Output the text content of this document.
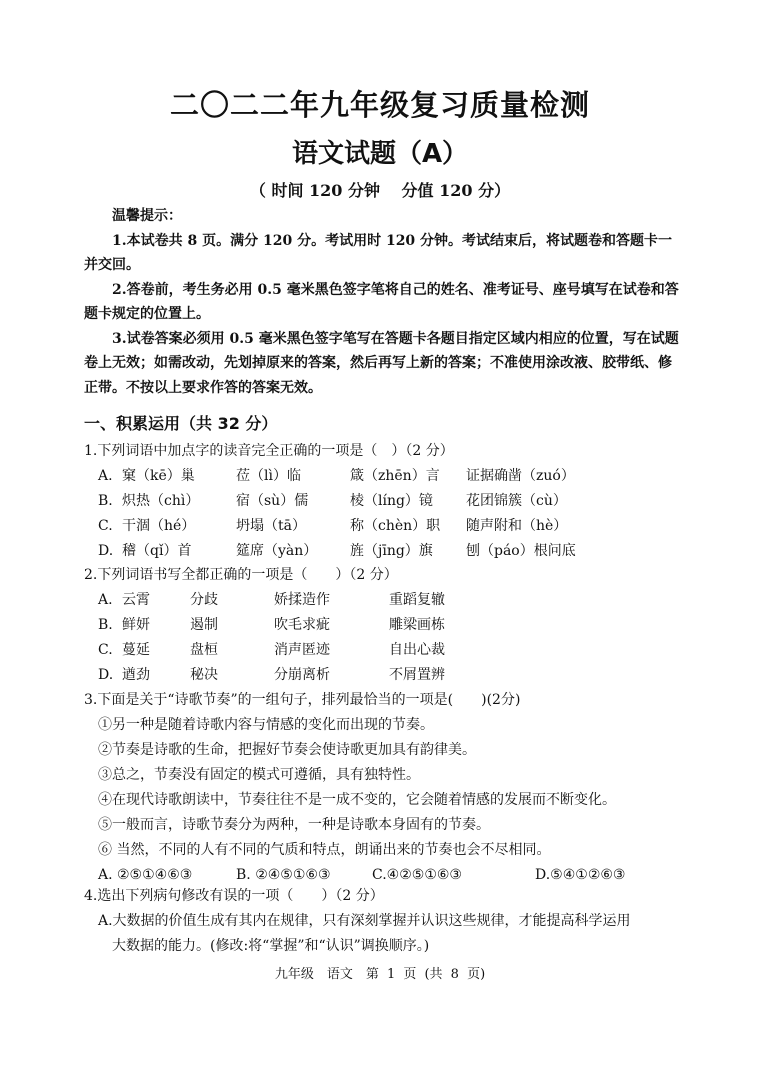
二〇二二年九年级复习质量检测
语文试题（A）
（ 时间 120 分钟　 分值 120 分）
温馨提示：
1.本试卷共 8 页。满分 120 分。考试用时 120 分钟。考试结束后，将试题卷和答题卡一并交回。
2.答卷前，考生务必用 0.5 毫米黑色签字笔将自己的姓名、准考证号、座号填写在试卷和答题卡规定的位置上。
3.试卷答案必须用 0.5 毫米黑色签字笔写在答题卡各题目指定区域内相应的位置，写在试题卷上无效；如需改动，先划掉原来的答案，然后再写上新的答案；不准使用涂改液、胶带纸、修正带。不按以上要求作答的答案无效。
一、积累运用（共 32 分）
1.下列词语中加点字的读音完全正确的一项是（　）（2 分）
A. 窠（kē）巢	莅（lì）临	箴（zhēn）言 证据确凿（zuó）
B. 炽热（chì）	宿（sù）儒	棱（líng）镜 花团锦簇（cù）
C. 干涸（hé）	坍塌（tā）	称（chèn）职 随声附和（hè）
D. 稽（qǐ）首	筵席（yàn） 旌（jīng）旗 刨（páo）根问底
2.下列词语书写全都正确的一项是（　　）（2 分）
A. 云霄	分歧	娇揉造作	重蹈复辙
B. 鲜妍	遏制	吹毛求疵	雕梁画栋
C. 蔓延	盘桓	消声匿迹	自出心裁
D. 遒劲	秘决	分崩离析	不屑置辨
3.下面是关于“诗歌节奏”的一组句子，排列最恰当的一项是(　　)(2分)
①另一种是随着诗歌内容与情感的变化而出现的节奏。
②节奏是诗歌的生命，把握好节奏会使诗歌更加具有韵律美。
③总之，节奏没有固定的模式可遵循，具有独特性。
④在现代诗歌朗读中，节奏往往不是一成不变的，它会随着情感的发展而不断变化。
⑤一般而言，诗歌节奏分为两种，一种是诗歌本身固有的节奏。
⑥ 当然，不同的人有不同的气质和特点，朗诵出来的节奏也会不尽相同。
A. ②⑤①④⑥③	B. ②④⑤①⑥③	C.④②⑤①⑥③	D.⑤④①②⑥③
4.选出下列病句修改有误的一项（　　）（2 分）
A.大数据的价值生成有其内在规律，只有深刻掌握并认识这些规律，才能提高科学运用
大数据的能力。(修改:将“掌握”和“认识”调换顺序。)
九年级　语文　第 1 页 (共 8 页)
